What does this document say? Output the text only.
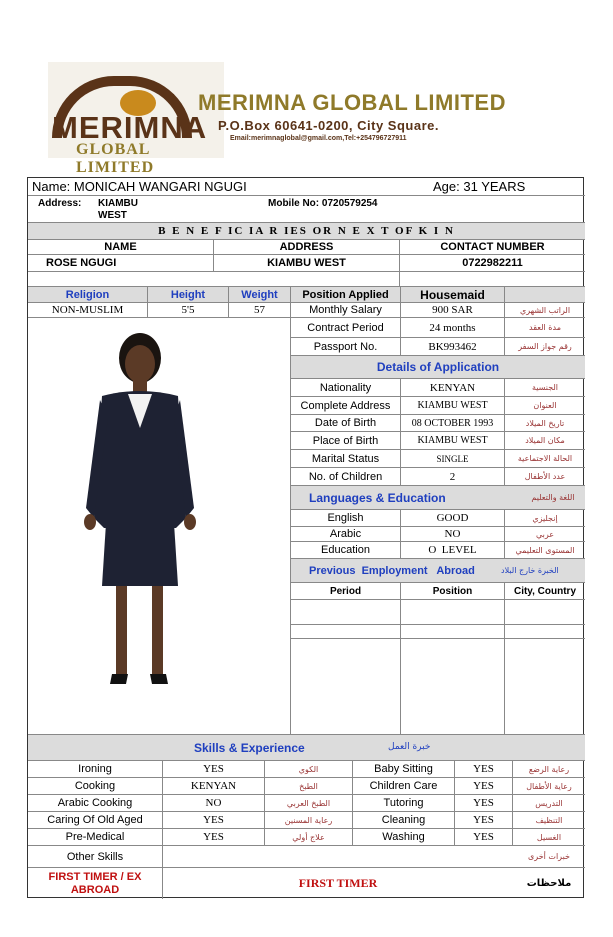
MERIMNA
GLOBAL LIMITED
MERIMNA GLOBAL LIMITED
P.O.Box 60641-0200, City Square.
Email:merimnaglobal@gmail.com,Tel:+254796727911
Name: MONICAH WANGARI NGUGI	Age: 31 YEARS
Address: KIAMBU
WEST
Mobile No: 0720579254
B E N E F IC IA R IES OR N E X T OF K I N
NAME	ADDRESS	CONTACT NUMBER
ROSE NGUGI	KIAMBU WEST	0722982211
Religion	Height	Weight	Position Applied	Housemaid
NON-MUSLIM	5'5	57	Monthly Salary	900 SAR	الراتب الشهري
Contract Period	24 months	مدة العقد
Passport No.	BK993462	رقم جواز السفر
Details of Application
Nationality	KENYAN	الجنسية
Complete Address	KIAMBU WEST	العنوان
Date of Birth	08 OCTOBER 1993	تاريخ الميلاد
Place of Birth	KIAMBU WEST	مكان الميلاد
Marital Status	SINGLE	الحالة الاجتماعية
No. of Children	2	عدد الأطفال
Languages & Education	اللغة والتعليم
English	GOOD	إنجليزي
Arabic	NO	عربي
Education	O  LEVEL	المستوى التعليمي
Previous  Employment   Abroad	الخبرة خارج البلاد
Period	Position	City, Country
Skills & Experience	خبرة العمل
Other Skills	خبرات أخرى
FIRST TIMER / EX ABROAD	FIRST TIMER	ملاحظات
Ironing	YES	الكوي	Baby Sitting	YES	رعاية الرضع
Cooking	KENYAN	الطبخ	Children Care	YES	رعاية الأطفال
Arabic Cooking	NO	الطبخ العربي	Tutoring	YES	التدريس
Caring Of Old Aged	YES	رعاية المسنين	Cleaning	YES	التنظيف
Pre-Medical	YES	علاج أولي	Washing	YES	الغسيل
